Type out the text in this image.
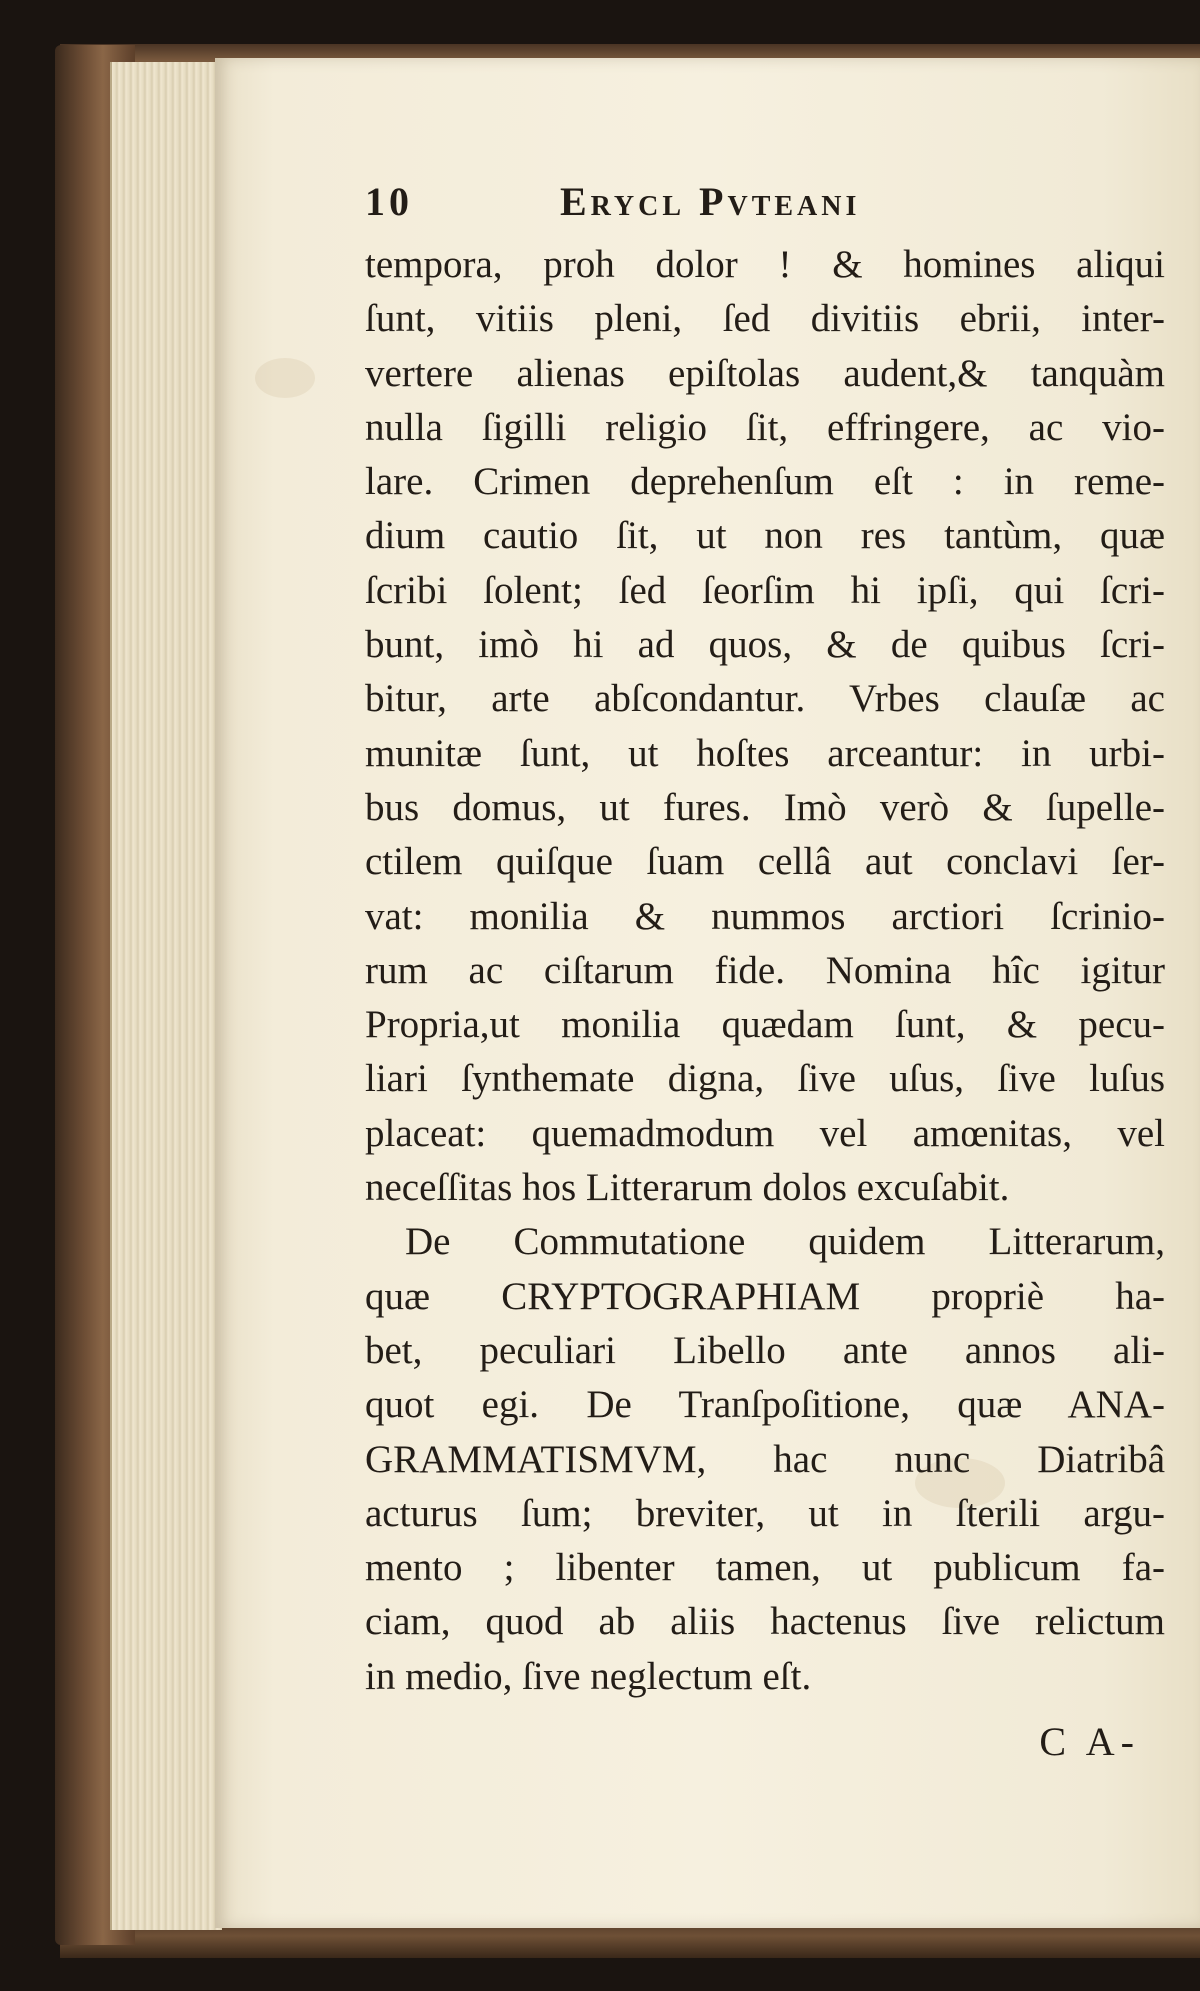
10	Erycl Pvteani
tempora, proh dolor ! & homines aliqui
ſunt, vitiis pleni, ſed divitiis ebrii, inter-
vertere alienas epiſtolas audent,& tanquàm
nulla ſigilli religio ſit, effringere, ac vio-
lare. Crimen deprehenſum eſt : in reme-
dium cautio ſit, ut non res tantùm, quæ
ſcribi ſolent; ſed ſeorſim hi ipſi, qui ſcri-
bunt, imò hi ad quos, & de quibus ſcri-
bitur, arte abſcondantur. Vrbes clauſæ ac
munitæ ſunt, ut hoſtes arceantur: in urbi-
bus domus, ut fures. Imò verò & ſupelle-
ctilem quiſque ſuam cellâ aut conclavi ſer-
vat: monilia & nummos arctiori ſcrinio-
rum ac ciſtarum fide. Nomina hîc igitur
Propria,ut monilia quædam ſunt, & pecu-
liari ſynthemate digna, ſive uſus, ſive luſus
placeat: quemadmodum vel amœnitas, vel
neceſſitas hos Litterarum dolos excuſabit.
De Commutatione quidem Litterarum,
quæ CRYPTOGRAPHIAM propriè ha-
bet, peculiari Libello ante annos ali-
quot egi. De Tranſpoſitione, quæ ANA-
GRAMMATISMVM, hac nunc Diatribâ
acturus ſum; breviter, ut in ſterili argu-
mento ; libenter tamen, ut publicum fa-
ciam, quod ab aliis hactenus ſive relictum
in medio, ſive neglectum eſt.
C A-
